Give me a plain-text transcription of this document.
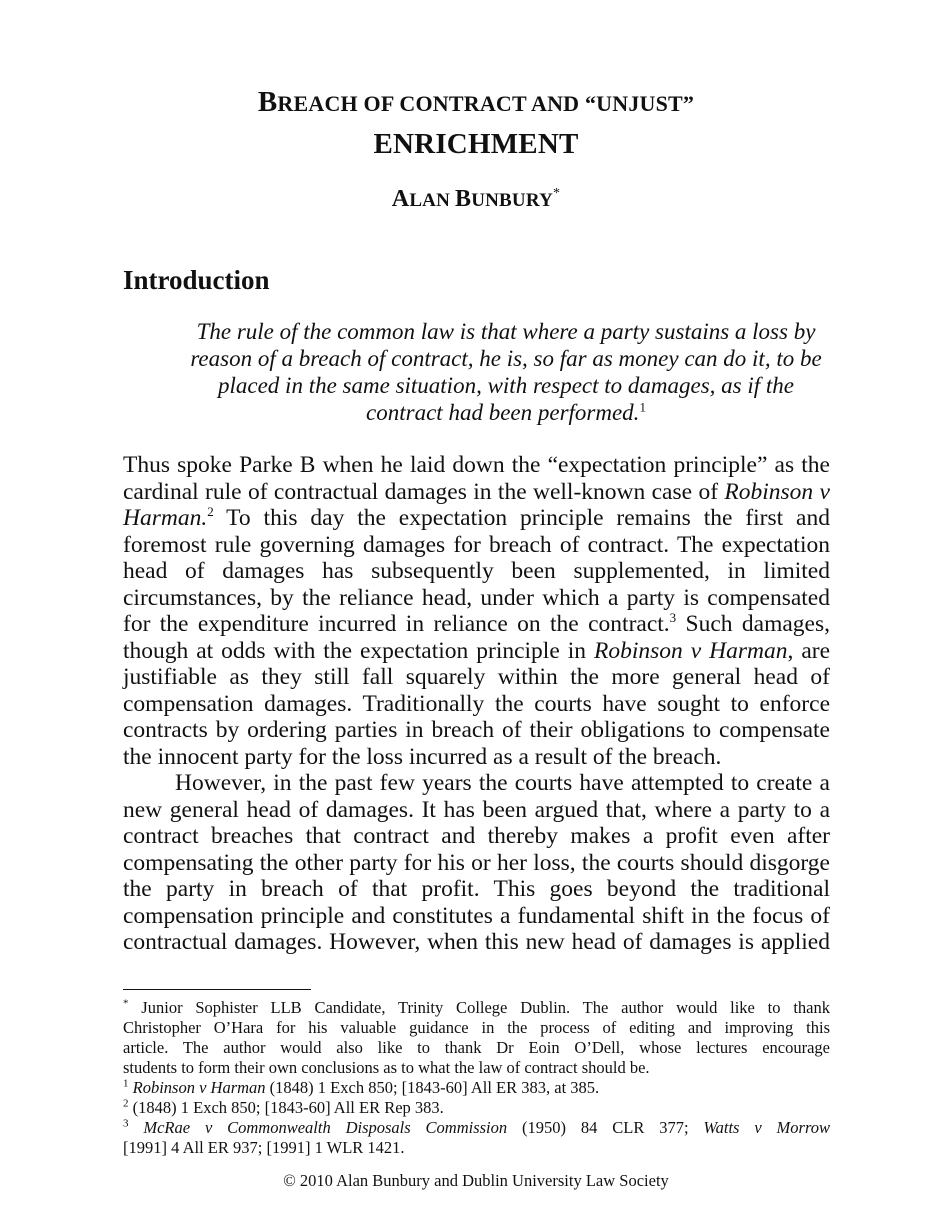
BREACH OF CONTRACT AND “UNJUST”
ENRICHMENT
ALAN BUNBURY*
Introduction
The rule of the common law is that where a party sustains a loss by
reason of a breach of contract, he is, so far as money can do it, to be
placed in the same situation, with respect to damages, as if the
contract had been performed.$^1$
Thus spoke Parke B when he laid down the “expectation principle” as the
cardinal rule of contractual damages in the well-known case of Robinson v
Harman.$^2$ To this day the expectation principle remains the first and
foremost rule governing damages for breach of contract. The expectation
head of damages has subsequently been supplemented, in limited
circumstances, by the reliance head, under which a party is compensated
for the expenditure incurred in reliance on the contract.$^3$ Such damages,
though at odds with the expectation principle in Robinson v Harman, are
justifiable as they still fall squarely within the more general head of
compensation damages. Traditionally the courts have sought to enforce
contracts by ordering parties in breach of their obligations to compensate
the innocent party for the loss incurred as a result of the breach.
However, in the past few years the courts have attempted to create a
new general head of damages. It has been argued that, where a party to a
contract breaches that contract and thereby makes a profit even after
compensating the other party for his or her loss, the courts should disgorge
the party in breach of that profit. This goes beyond the traditional
compensation principle and constitutes a fundamental shift in the focus of
contractual damages. However, when this new head of damages is applied
* Junior Sophister LLB Candidate, Trinity College Dublin. The author would like to thank
Christopher O’Hara for his valuable guidance in the process of editing and improving this
article. The author would also like to thank Dr Eoin O’Dell, whose lectures encourage
students to form their own conclusions as to what the law of contract should be.
$^1$ Robinson v Harman (1848) 1 Exch 850; [1843-60] All ER 383, at 385.
$^2$ (1848) 1 Exch 850; [1843-60] All ER Rep 383.
$^3$ McRae v Commonwealth Disposals Commission (1950) 84 CLR 377; Watts v Morrow
[1991] 4 All ER 937; [1991] 1 WLR 1421.
© 2010 Alan Bunbury and Dublin University Law Society
